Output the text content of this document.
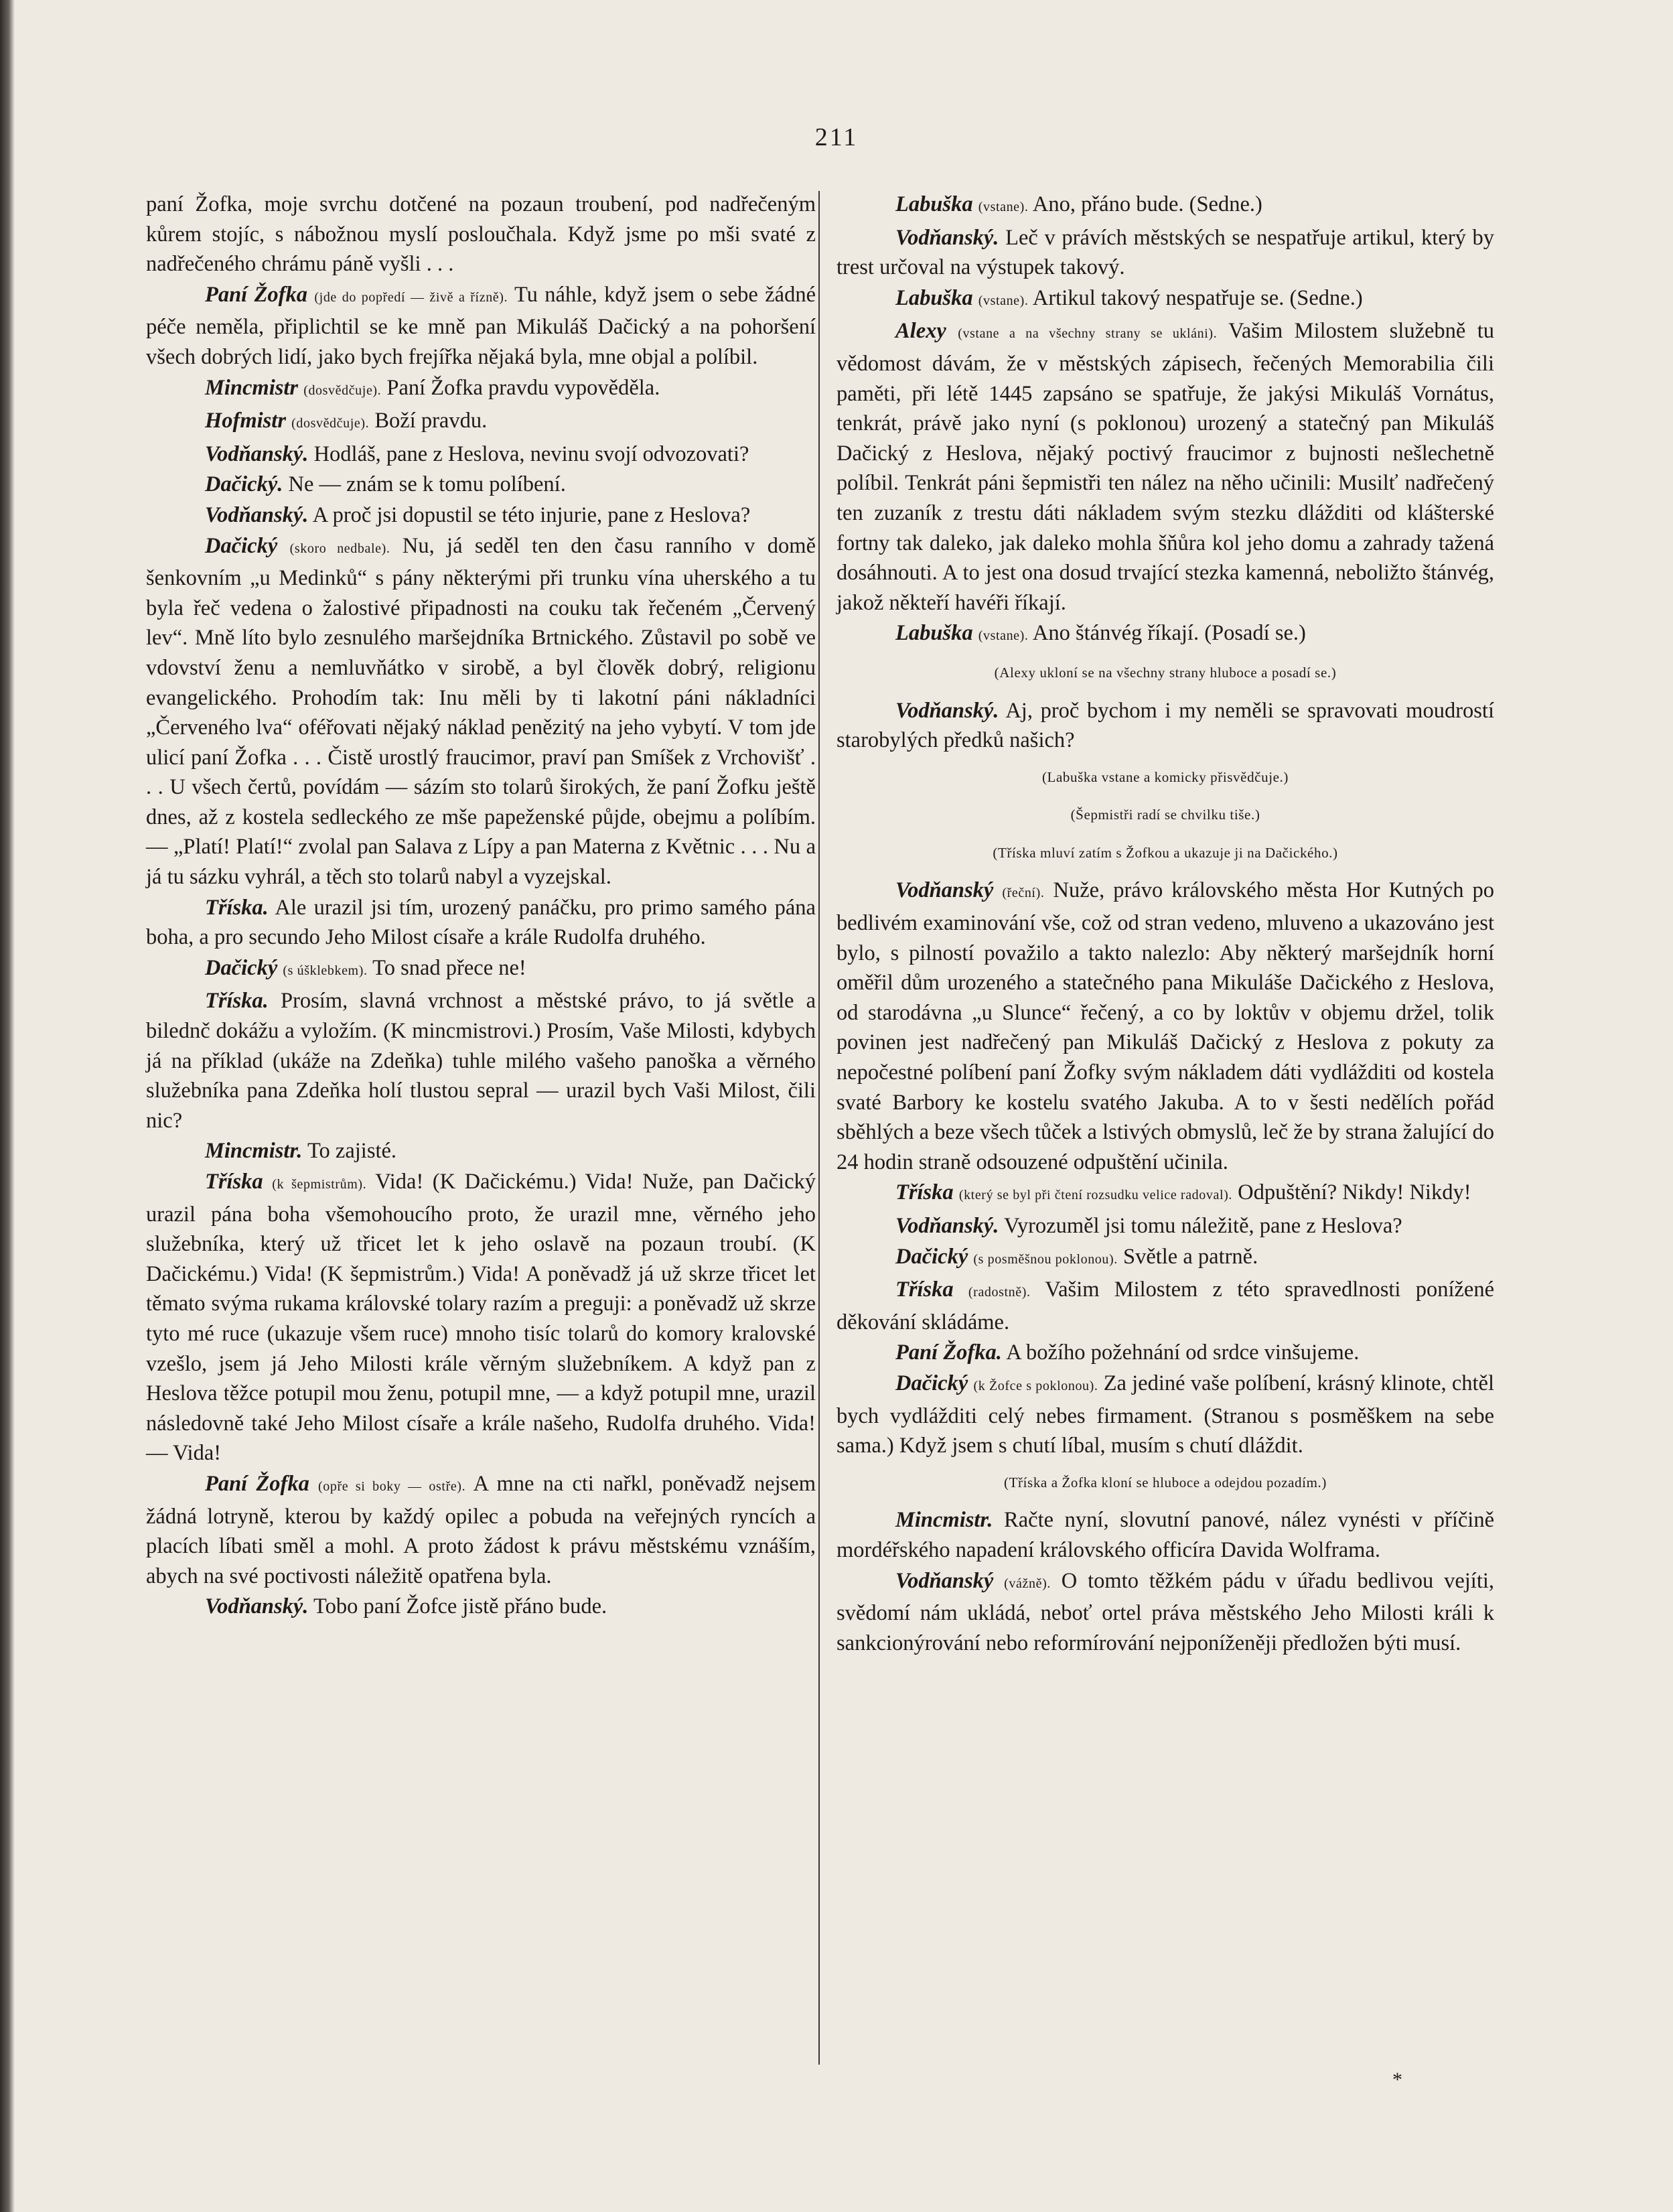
211

paní Žofka, moje svrchu dotčené na pozaun troubení, pod nadřečeným kůrem stojíc, s nábožnou myslí posloučhala. Když jsme po mši svaté z nadřečeného chrámu páně vyšli . . .

Paní Žofka (jde do popředí — živě a řízně). Tu náhle, když jsem o sebe žádné péče neměla, připlichtil se ke mně pan Mikuláš Dačický a na pohoršení všech dobrých lidí, jako bych frejířka nějaká byla, mne objal a políbil.

Mincmistr (dosvědčuje). Paní Žofka pravdu vypověděla.

Hofmistr (dosvědčuje). Boží pravdu.

Vodňanský. Hodláš, pane z Heslova, nevinu svojí odvozovati?

Dačický. Ne — znám se k tomu políbení.

Vodňanský. A proč jsi dopustil se této injurie, pane z Heslova?

Dačický (skoro nedbale). Nu, já seděl ten den času ranního v domě šenkovním „u Medinků“ s pány některými při trunku vína uherského a tu byla řeč vedena o žalostivé připadnosti na couku tak řečeném „Červený lev“. Mně líto bylo zesnulého maršejdníka Brtnického. Zůstavil po sobě ve vdovství ženu a nemluvňátko v sirobě, a byl člověk dobrý, religionu evangelického. Prohodím tak: Inu měli by ti lakotní páni nákladníci „Červeného lva“ oféřovati nějaký náklad penězitý na jeho vybytí. V tom jde ulicí paní Žofka . . . Čistě urostlý fraucimor, praví pan Smíšek z Vrchovišť . . . U všech čertů, povídám — sázím sto tolarů širokých, že paní Žofku ještě dnes, až z kostela sedleckého ze mše papeženské půjde, obejmu a políbím. — „Platí! Platí!“ zvolal pan Salava z Lípy a pan Materna z Květnic . . . Nu a já tu sázku vyhrál, a těch sto tolarů nabyl a vyzejskal.

Tříska. Ale urazil jsi tím, urozený panáčku, pro primo samého pána boha, a pro secundo Jeho Milost císaře a krále Rudolfa druhého.

Dačický (s úšklebkem). To snad přece ne!

Tříska. Prosím, slavná vrchnost a městské právo, to já světle a bilednč dokážu a vyložím. (K mincmistrovi.) Prosím, Vaše Milosti, kdybych já na příklad (ukáže na Zdeňka) tuhle milého vašeho panoška a věrného služebníka pana Zdeňka holí tlustou sepral — urazil bych Vaši Milost, čili nic?

Mincmistr. To zajisté.

Tříska (k šepmistrům). Vida! (K Dačickému.) Vida! Nuže, pan Dačický urazil pána boha všemohoucího proto, že urazil mne, věrného jeho služebníka, který už třicet let k jeho oslavě na pozaun troubí. (K Dačickému.) Vida! (K šepmistrům.) Vida! A poněvadž já už skrze třicet let těmato svýma rukama královské tolary razím a preguji: a poněvadž už skrze tyto mé ruce (ukazuje všem ruce) mnoho tisíc tolarů do komory kralovské vzešlo, jsem já Jeho Milosti krále věrným služebníkem. A když pan z Heslova těžce potupil mou ženu, potupil mne, — a když potupil mne, urazil následovně také Jeho Milost císaře a krále našeho, Rudolfa druhého. Vida! — Vida!

Paní Žofka (opře si boky — ostře). A mne na cti nařkl, poněvadž nejsem žádná lotryně, kterou by každý opilec a pobuda na veřejných ryncích a placích líbati směl a mohl. A proto žádost k právu městskému vznáším, abych na své poctivosti náležitě opatřena byla.

Vodňanský. Tobo paní Žofce jistě přáno bude.

Labuška (vstane). Ano, přáno bude. (Sedne.)

Vodňanský. Leč v právích městských se nespatřuje artikul, který by trest určoval na výstupek takový.

Labuška (vstane). Artikul takový nespatřuje se. (Sedne.)

Alexy (vstane a na všechny strany se ukláni). Vašim Milostem služebně tu vědomost dávám, že v městských zápisech, řečených Memorabilia čili paměti, při létě 1445 zapsáno se spatřuje, že jakýsi Mikuláš Vornátus, tenkrát, právě jako nyní (s poklonou) urozený a statečný pan Mikuláš Dačický z Heslova, nějaký poctivý fraucimor z bujnosti nešlechetně políbil. Tenkrát páni šepmistři ten nález na něho učinili: Musilť nadřečený ten zuzaník z trestu dáti nákladem svým stezku dlážditi od klášterské fortny tak daleko, jak daleko mohla šňůra kol jeho domu a zahrady tažená dosáhnouti. A to jest ona dosud trvající stezka kamenná, neboližto štánvég, jakož někteří havéři říkají.

Labuška (vstane). Ano štánvég říkají. (Posadí se.)

(Alexy ukloní se na všechny strany hluboce a posadí se.)

Vodňanský. Aj, proč bychom i my neměli se spravovati moudrostí starobylých předků našich?

(Labuška vstane a komicky přisvědčuje.)

(Šepmistři radí se chvilku tiše.)

(Tříska mluví zatím s Žofkou a ukazuje ji na Dačického.)

Vodňanský (řeční). Nuže, právo královského města Hor Kutných po bedlivém examinování vše, což od stran vedeno, mluveno a ukazováno jest bylo, s pilností považilo a takto nalezlo: Aby některý maršejdník horní oměřil dům urozeného a statečného pana Mikuláše Dačického z Heslova, od starodávna „u Slunce“ řečený, a co by loktův v objemu držel, tolik povinen jest nadřečený pan Mikuláš Dačický z Heslova z pokuty za nepočestné políbení paní Žofky svým nákladem dáti vydlážditi od kostela svaté Barbory ke kostelu svatého Jakuba. A to v šesti nedělích pořád sběhlých a beze všech tůček a lstivých obmyslů, leč že by strana žalující do 24 hodin straně odsouzené odpuštění učinila.

Tříska (který se byl při čtení rozsudku velice radoval). Odpuštění? Nikdy! Nikdy!

Vodňanský. Vyrozuměl jsi tomu náležitě, pane z Heslova?

Dačický (s posměšnou poklonou). Světle a patrně.

Tříska (radostně). Vašim Milostem z této spravedlnosti ponížené děkování skládáme.

Paní Žofka. A božího požehnání od srdce vinšujeme.

Dačický (k Žofce s poklonou). Za jediné vaše políbení, krásný klinote, chtěl bych vydlážditi celý nebes firmament. (Stranou s posměškem na sebe sama.) Když jsem s chutí líbal, musím s chutí dláždit.

(Tříska a Žofka kloní se hluboce a odejdou pozadím.)

Mincmistr. Račte nyní, slovutní panové, nález vynésti v příčině mordéřského napadení královského officíra Davida Wolframa.

Vodňanský (vážně). O tomto těžkém pádu v úřadu bedlivou vejíti, svědomí nám ukládá, neboť ortel práva městského Jeho Milosti králi k sankcionýrování nebo reformírování nejponíženěji předložen býti musí.

*
